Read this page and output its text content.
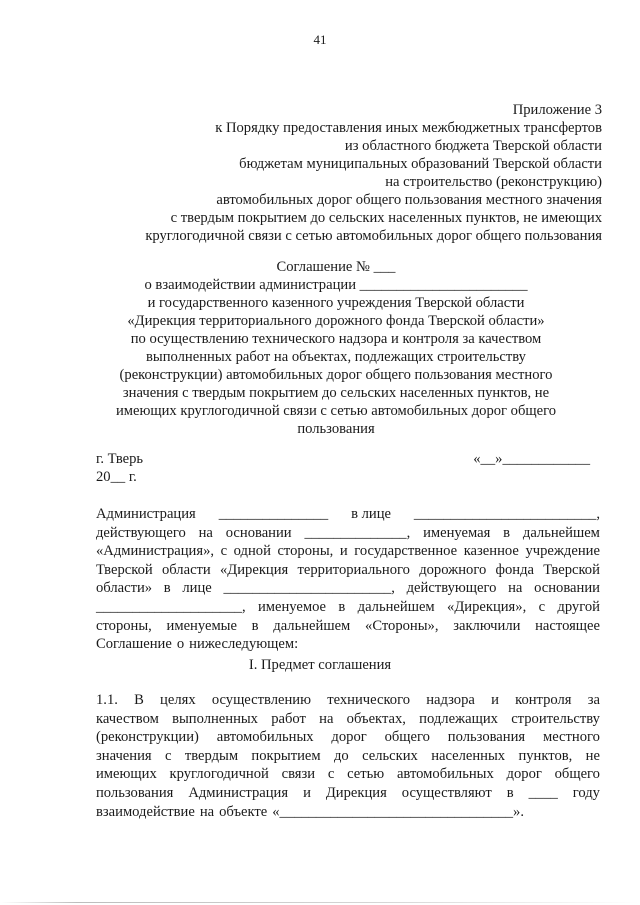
41
Приложение 3
к Порядку предоставления иных межбюджетных трансфертов
из областного бюджета Тверской области
бюджетам муниципальных образований Тверской области
на строительство (реконструкцию)
автомобильных дорог общего пользования местного значения
с твердым покрытием до сельских населенных пунктов, не имеющих
круглогодичной связи с сетью автомобильных дорог общего пользования
Соглашение № ___
о взаимодействии администрации _______________________
и государственного казенного учреждения Тверской области
«Дирекция территориального дорожного фонда Тверской области»
по осуществлению технического надзора и контроля за качеством
выполненных работ на объектах, подлежащих строительству
(реконструкции) автомобильных дорог общего пользования местного
значения с твердым покрытием до сельских населенных пунктов, не
имеющих круглогодичной связи с сетью автомобильных дорог общего
пользования
г. Тверь	«__»____________
20__ г.
Администрация _______________ в лице _________________________,
действующего на основании ______________, именуемая в дальнейшем
«Администрация», с одной стороны, и государственное казенное учреждение
Тверской области «Дирекция территориального дорожного фонда Тверской
области» в лице _______________________, действующего на основании
____________________, именуемое в дальнейшем «Дирекция», с другой
стороны, именуемые в дальнейшем «Стороны», заключили настоящее
Соглашение о нижеследующем:
I. Предмет соглашения
1.1. В целях осуществлению технического надзора и контроля за
качеством выполненных работ на объектах, подлежащих строительству
(реконструкции) автомобильных дорог общего пользования местного
значения с твердым покрытием до сельских населенных пунктов, не
имеющих круглогодичной связи с сетью автомобильных дорог общего
пользования Администрация и Дирекция осуществляют в ____ году
взаимодействие на объекте «________________________________».
